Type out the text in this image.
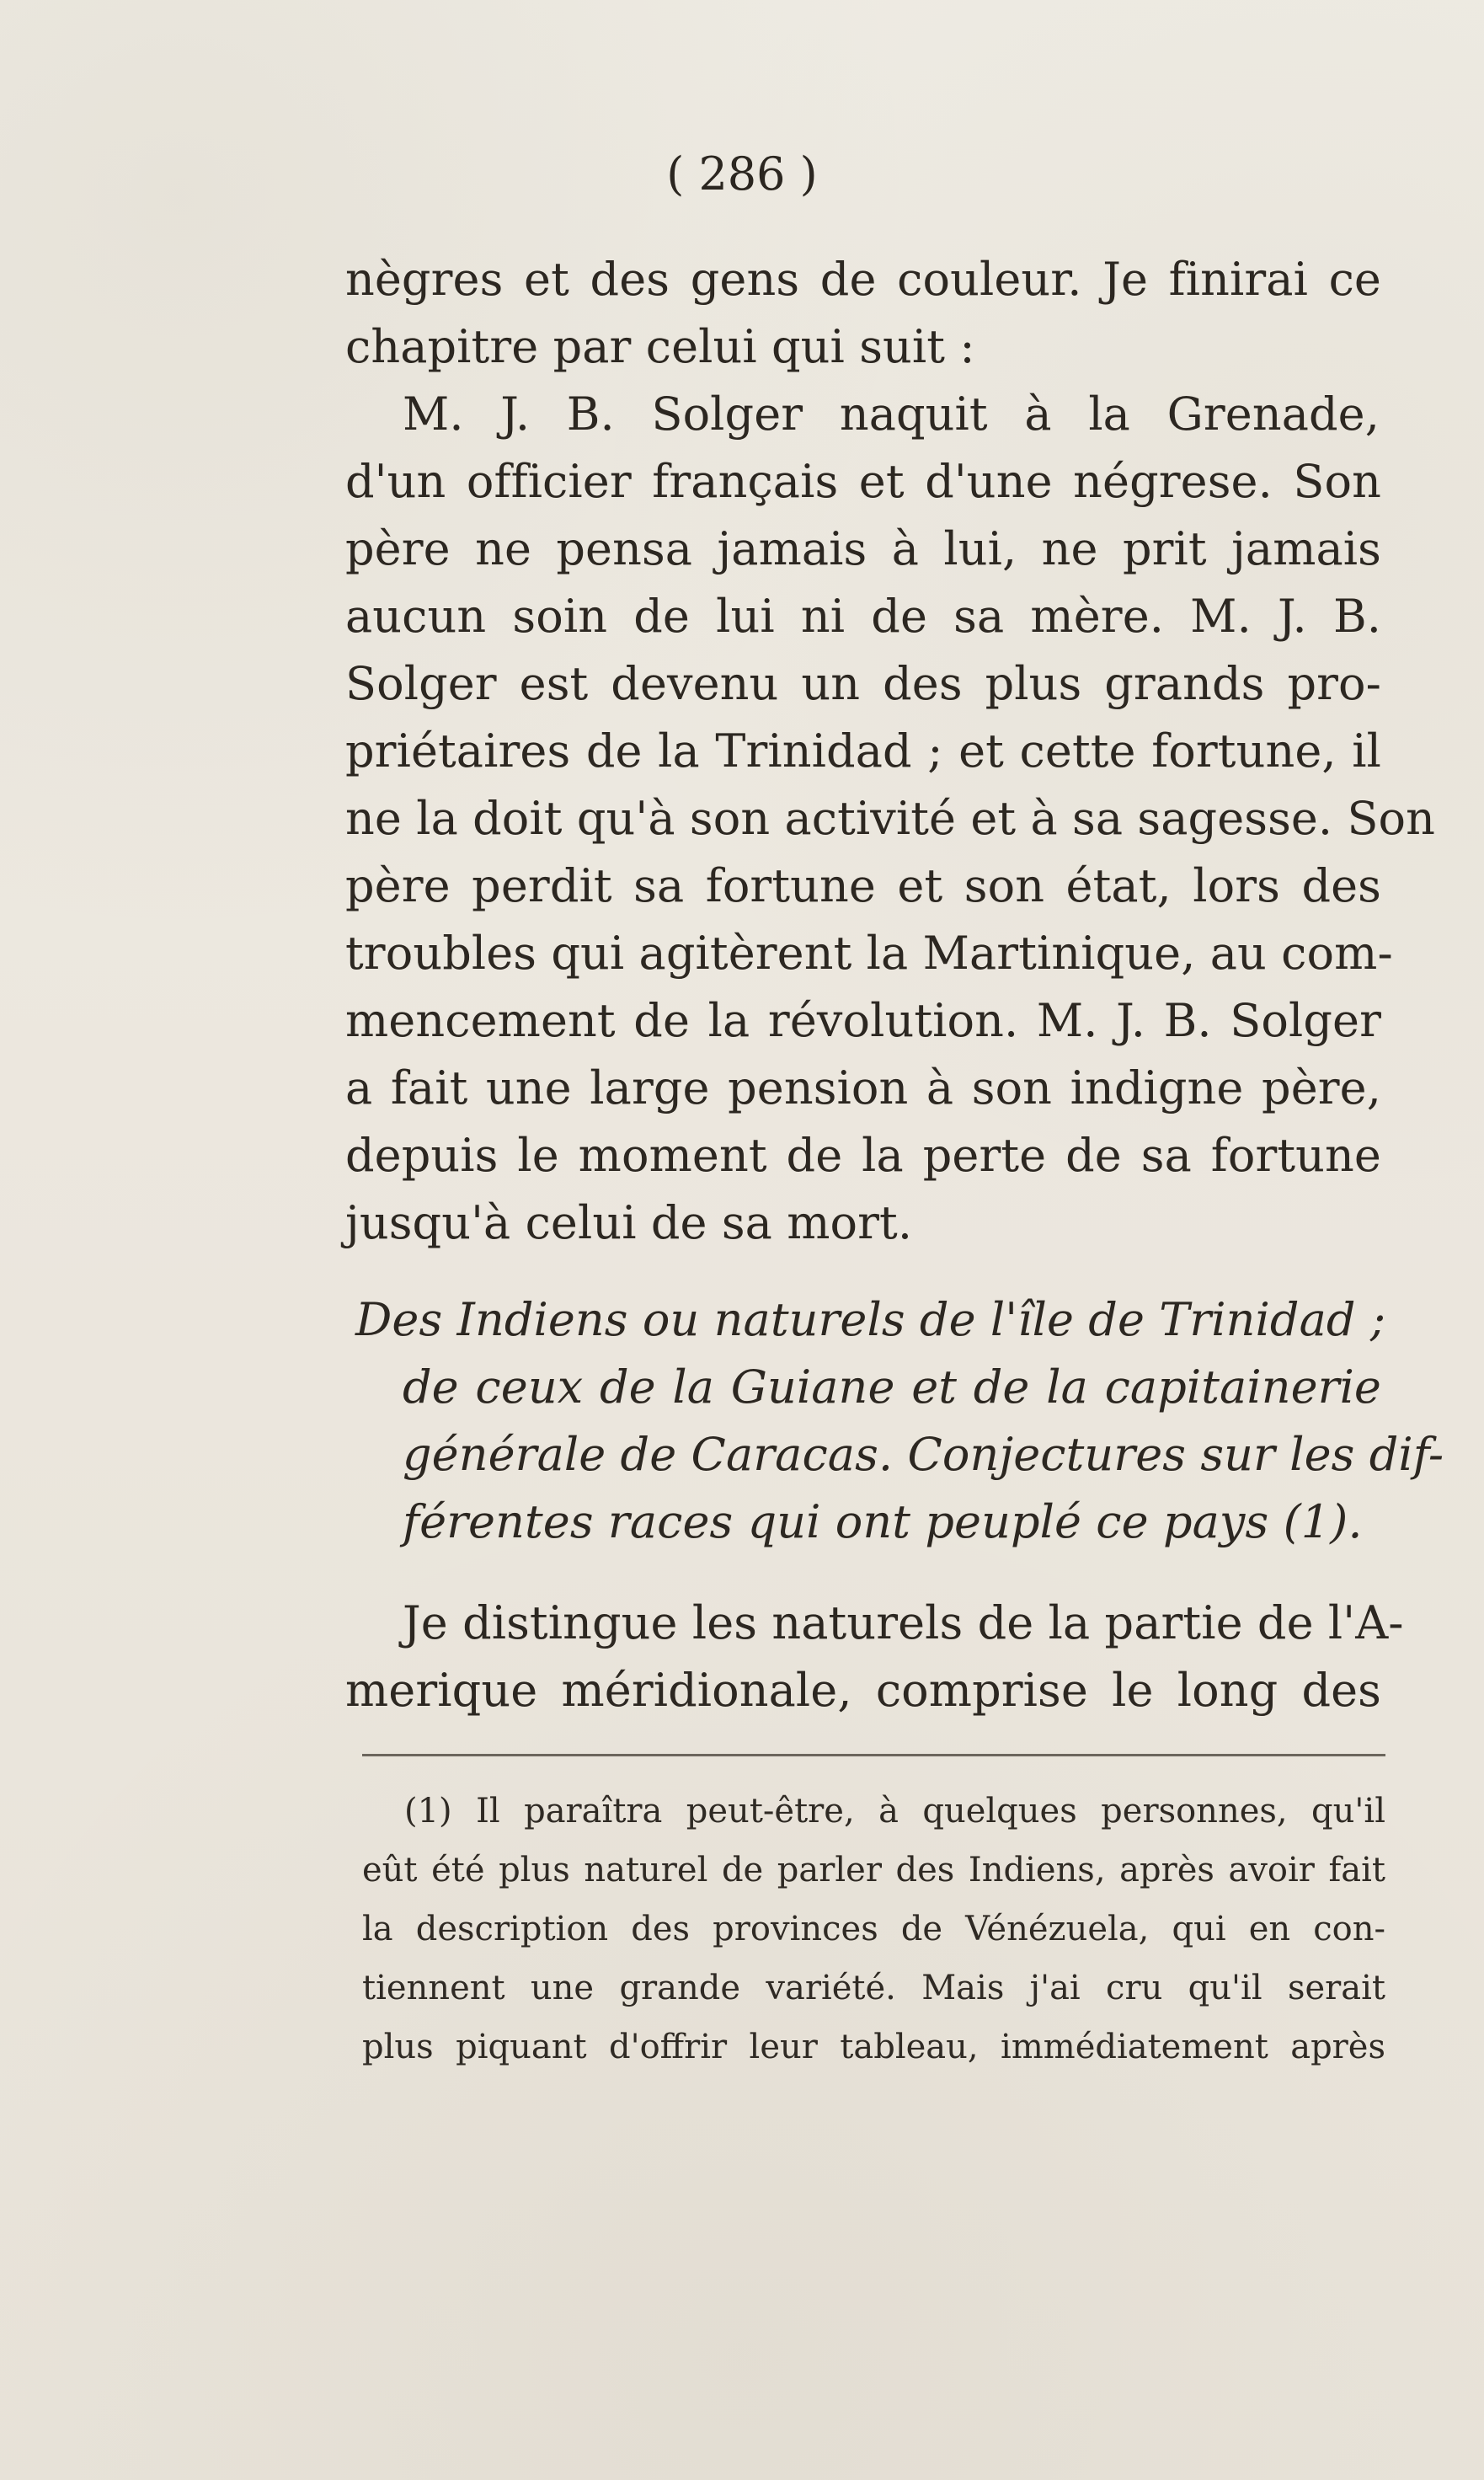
( 286 )
nègres et des gens de couleur. Je finirai ce
chapitre par celui qui suit :
M. J. B. Solger naquit à la Grenade,
d'un officier français et d'une négrese. Son
père ne pensa jamais à lui, ne prit jamais
aucun soin de lui ni de sa mère. M. J. B.
Solger est devenu un des plus grands pro-
priétaires de la Trinidad ; et cette fortune, il
ne la doit qu'à son activité et à sa sagesse. Son
père perdit sa fortune et son état, lors des
troubles qui agitèrent la Martinique, au com-
mencement de la révolution. M. J. B. Solger
a fait une large pension à son indigne père,
depuis le moment de la perte de sa fortune
jusqu'à celui de sa mort.
Des Indiens ou naturels de l'île de Trinidad ;
de ceux de la Guiane et de la capitainerie
générale de Caracas. Conjectures sur les dif-
férentes races qui ont peuplé ce pays (1).
Je distingue les naturels de la partie de l'A-
merique méridionale, comprise le long des
(1) Il paraîtra peut-être, à quelques personnes, qu'il
eût été plus naturel de parler des Indiens, après avoir fait
la description des provinces de Vénézuela, qui en con-
tiennent une grande variété. Mais j'ai cru qu'il serait
plus piquant d'offrir leur tableau, immédiatement après
